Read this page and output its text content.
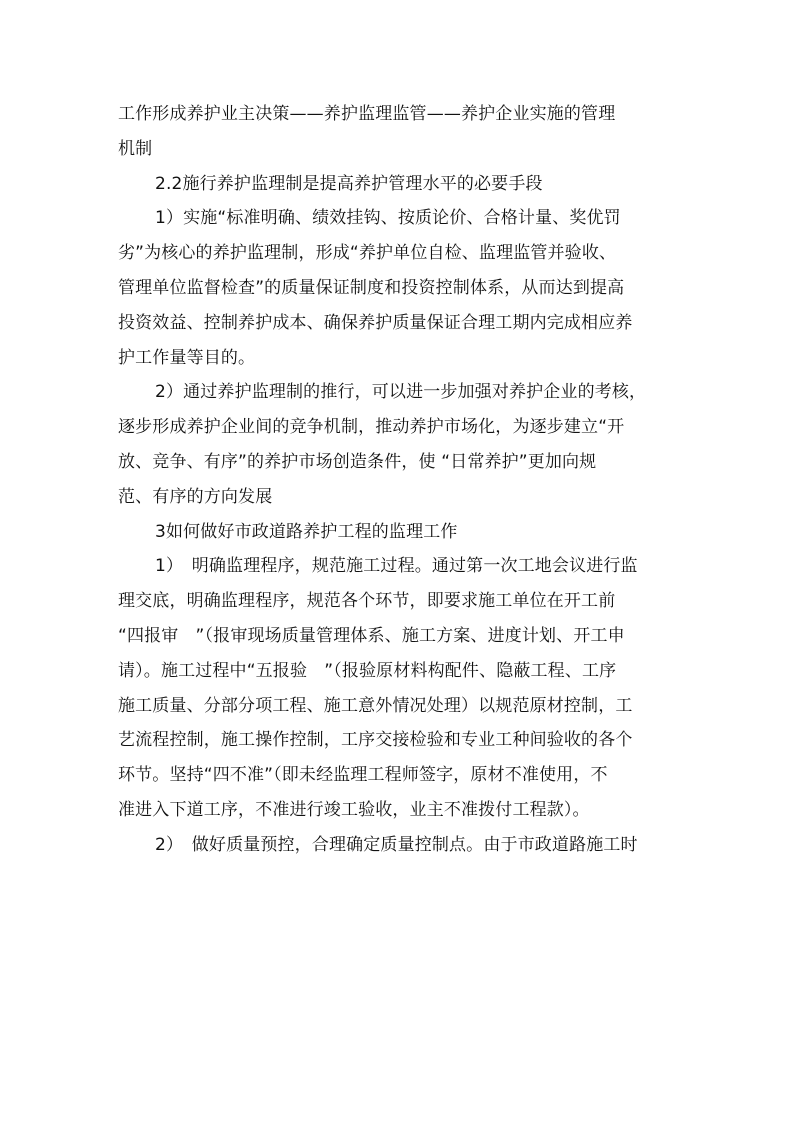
工作形成养护业主决策——养护监理监管——养护企业实施的管理
机制
2.2施行养护监理制是提高养护管理水平的必要手段
1）实施“标准明确、绩效挂钩、按质论价、合格计量、奖优罚
劣”为核心的养护监理制，形成“养护单位自检、监理监管并验收、
管理单位监督检查”的质量保证制度和投资控制体系，从而达到提高
投资效益、控制养护成本、确保养护质量保证合理工期内完成相应养
护工作量等目的。
2）通过养护监理制的推行，可以进一步加强对养护企业的考核，
逐步形成养护企业间的竞争机制，推动养护市场化，为逐步建立“开
放、竞争、有序”的养护市场创造条件，使 “日常养护”更加向规
范、有序的方向发展
3如何做好市政道路养护工程的监理工作
1）　明确监理程序，规范施工过程。通过第一次工地会议进行监
理交底，明确监理程序，规范各个环节，即要求施工单位在开工前
“四报审　”（报审现场质量管理体系、施工方案、进度计划、开工申
请）。施工过程中“五报验　”（报验原材料构配件、隐蔽工程、工序
施工质量、分部分项工程、施工意外情况处理）以规范原材控制，工
艺流程控制，施工操作控制，工序交接检验和专业工种间验收的各个
环节。坚持“四不准”（即未经监理工程师签字，原材不准使用，不
准进入下道工序，不准进行竣工验收，业主不准拨付工程款）。
2）　做好质量预控，合理确定质量控制点。由于市政道路施工时
